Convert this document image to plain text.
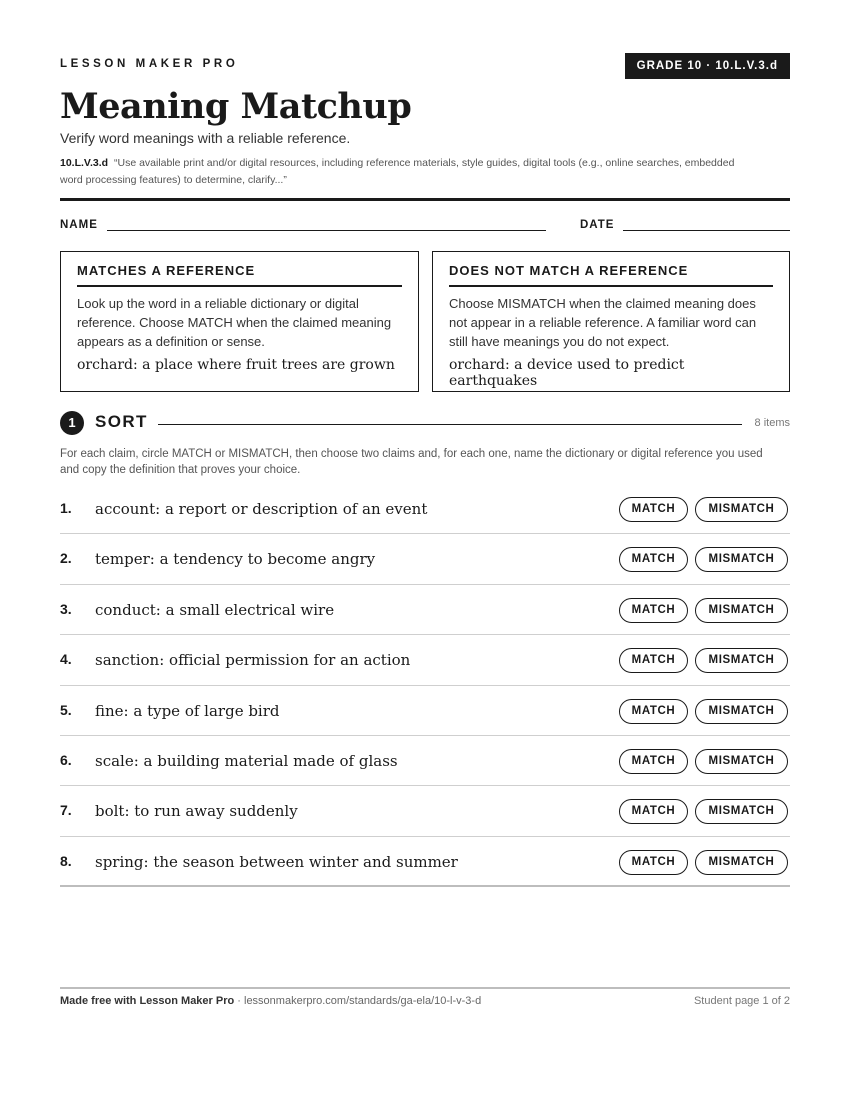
LESSON MAKER PRO	GRADE 10 · 10.L.V.3.d
Meaning Matchup
Verify word meanings with a reliable reference.
10.L.V.3.d “Use available print and/or digital resources, including reference materials, style guides, digital tools (e.g., online searches, embedded word processing features) to determine, clarify...”
NAME	DATE
MATCHES A REFERENCE
Look up the word in a reliable dictionary or digital reference. Choose MATCH when the claimed meaning appears as a definition or sense.
orchard: a place where fruit trees are grown
DOES NOT MATCH A REFERENCE
Choose MISMATCH when the claimed meaning does not appear in a reliable reference. A familiar word can still have meanings you do not expect.
orchard: a device used to predict earthquakes
1	SORT	8 items
For each claim, circle MATCH or MISMATCH, then choose two claims and, for each one, name the dictionary or digital reference you used and copy the definition that proves your choice.
1. account: a report or description of an event	MATCH	MISMATCH
2. temper: a tendency to become angry	MATCH	MISMATCH
3. conduct: a small electrical wire	MATCH	MISMATCH
4. sanction: official permission for an action	MATCH	MISMATCH
5. fine: a type of large bird	MATCH	MISMATCH
6. scale: a building material made of glass	MATCH	MISMATCH
7. bolt: to run away suddenly	MATCH	MISMATCH
8. spring: the season between winter and summer	MATCH	MISMATCH
Made free with Lesson Maker Pro · lessonmakerpro.com/standards/ga-ela/10-l-v-3-d	Student page 1 of 2
